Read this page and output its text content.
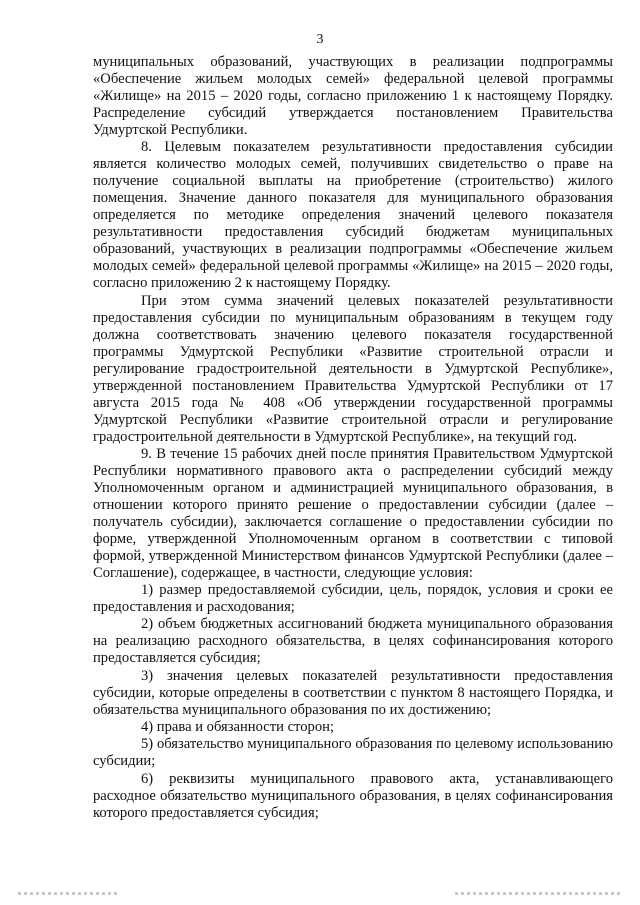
3

муниципальных образований, участвующих в реализации подпрограммы «Обеспечение жильем молодых семей» федеральной целевой программы «Жилище» на 2015 – 2020 годы, согласно приложению 1 к настоящему Порядку. Распределение субсидий утверждается постановлением Правительства Удмуртской Республики.

8. Целевым показателем результативности предоставления субсидии является количество молодых семей, получивших свидетельство о праве на получение социальной выплаты на приобретение (строительство) жилого помещения. Значение данного показателя для муниципального образования определяется по методике определения значений целевого показателя результативности предоставления субсидий бюджетам муниципальных образований, участвующих в реализации подпрограммы «Обеспечение жильем молодых семей» федеральной целевой программы «Жилище» на 2015 – 2020 годы, согласно приложению 2 к настоящему Порядку.

При этом сумма значений целевых показателей результативности предоставления субсидии по муниципальным образованиям в текущем году должна соответствовать значению целевого показателя государственной программы Удмуртской Республики «Развитие строительной отрасли и регулирование градостроительной деятельности в Удмуртской Республике», утвержденной постановлением Правительства Удмуртской Республики от 17 августа 2015 года № 408 «Об утверждении государственной программы Удмуртской Республики «Развитие строительной отрасли и регулирование градостроительной деятельности в Удмуртской Республике», на текущий год.

9. В течение 15 рабочих дней после принятия Правительством Удмуртской Республики нормативного правового акта о распределении субсидий между Уполномоченным органом и администрацией муниципального образования, в отношении которого принято решение о предоставлении субсидии (далее – получатель субсидии), заключается соглашение о предоставлении субсидии по форме, утвержденной Уполномоченным органом в соответствии с типовой формой, утвержденной Министерством финансов Удмуртской Республики (далее – Соглашение), содержащее, в частности, следующие условия:

1) размер предоставляемой субсидии, цель, порядок, условия и сроки ее предоставления и расходования;

2) объем бюджетных ассигнований бюджета муниципального образования на реализацию расходного обязательства, в целях софинансирования которого предоставляется субсидия;

3) значения целевых показателей результативности предоставления субсидии, которые определены в соответствии с пунктом 8 настоящего Порядка, и обязательства муниципального образования по их достижению;

4) права и обязанности сторон;

5) обязательство муниципального образования по целевому использованию субсидии;

6) реквизиты муниципального правового акта, устанавливающего расходное обязательство муниципального образования, в целях софинансирования которого предоставляется субсидия;
